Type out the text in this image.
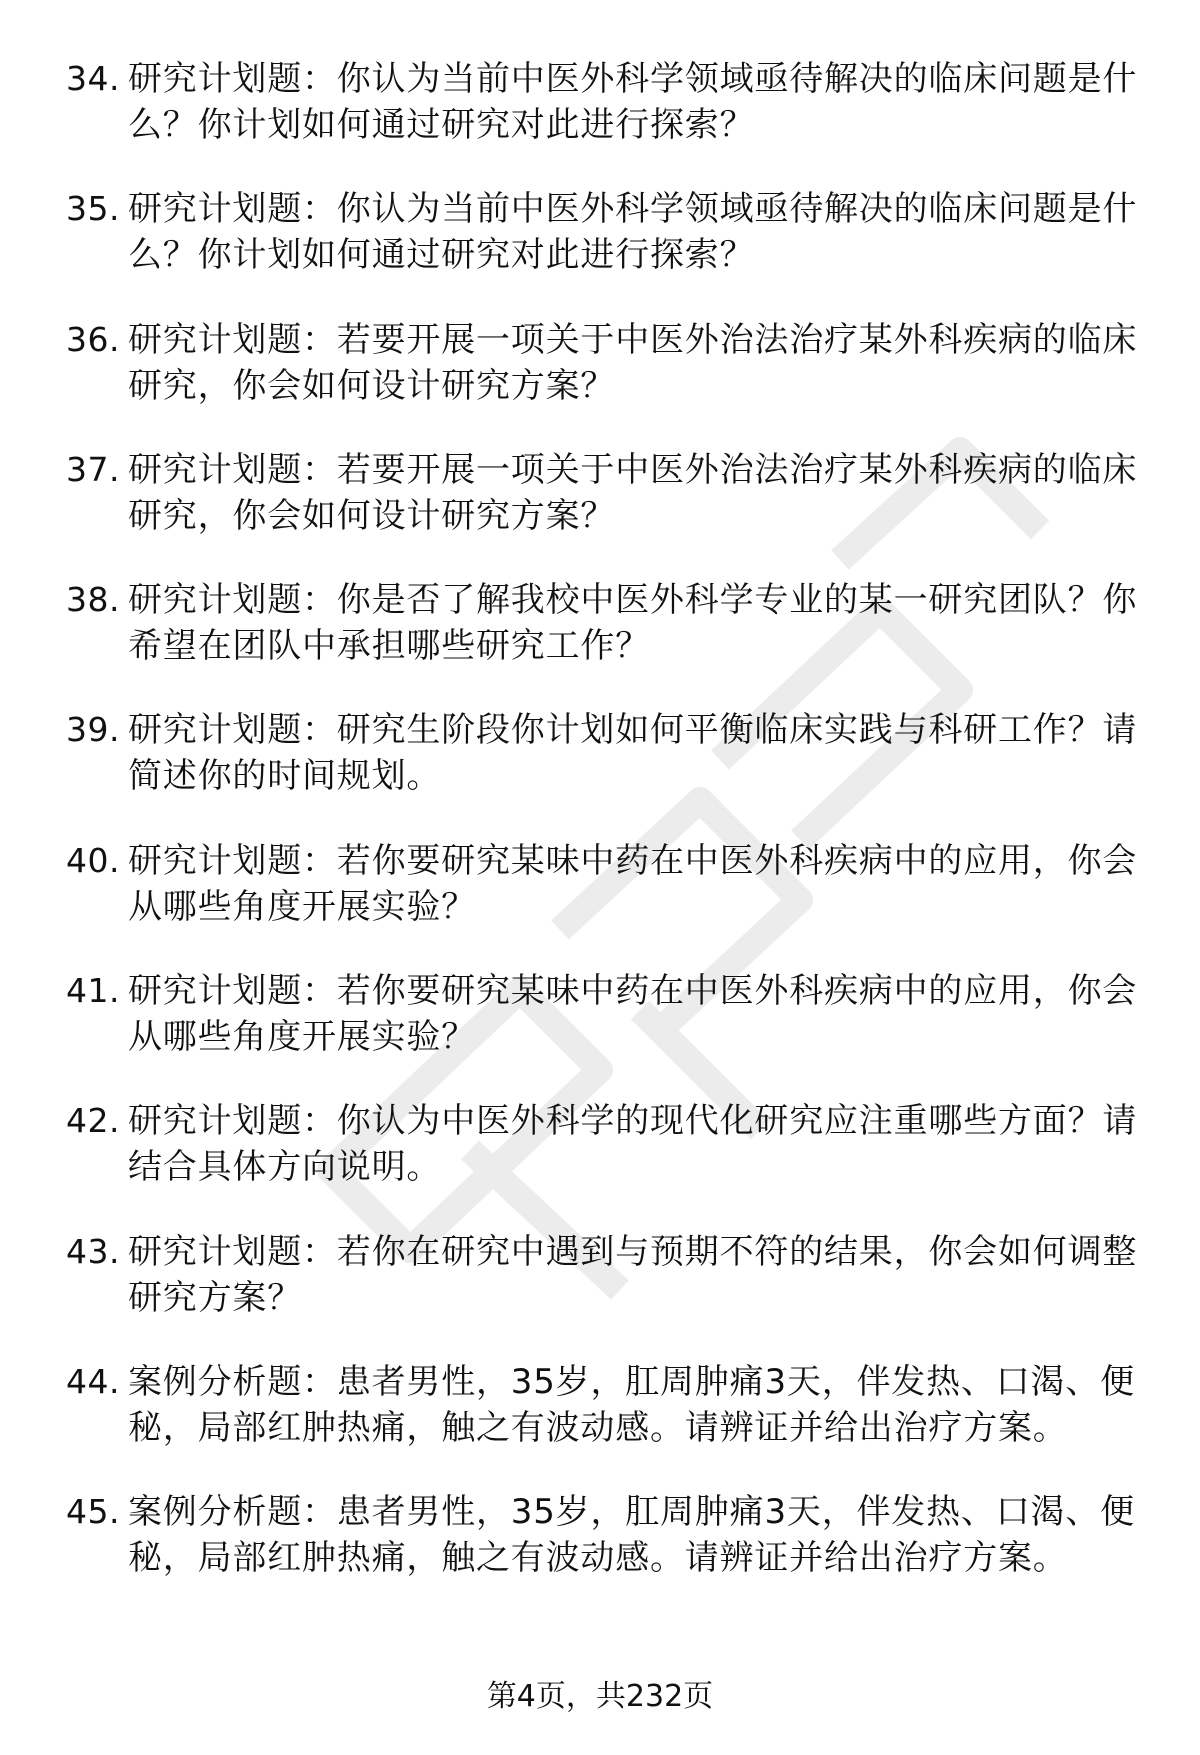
34. 研究计划题：你认为当前中医外科学领域亟待解决的临床问题是什么？你计划如何通过研究对此进行探索？
35. 研究计划题：你认为当前中医外科学领域亟待解决的临床问题是什么？你计划如何通过研究对此进行探索？
36. 研究计划题：若要开展一项关于中医外治法治疗某外科疾病的临床研究，你会如何设计研究方案？
37. 研究计划题：若要开展一项关于中医外治法治疗某外科疾病的临床研究，你会如何设计研究方案？
38. 研究计划题：你是否了解我校中医外科学专业的某一研究团队？你希望在团队中承担哪些研究工作？
39. 研究计划题：研究生阶段你计划如何平衡临床实践与科研工作？请简述你的时间规划。
40. 研究计划题：若你要研究某味中药在中医外科疾病中的应用，你会从哪些角度开展实验？
41. 研究计划题：若你要研究某味中药在中医外科疾病中的应用，你会从哪些角度开展实验？
42. 研究计划题：你认为中医外科学的现代化研究应注重哪些方面？请结合具体方向说明。
43. 研究计划题：若你在研究中遇到与预期不符的结果，你会如何调整研究方案？
44. 案例分析题：患者男性，35岁，肛周肿痛3天，伴发热、口渴、便秘，局部红肿热痛，触之有波动感。请辨证并给出治疗方案。
45. 案例分析题：患者男性，35岁，肛周肿痛3天，伴发热、口渴、便秘，局部红肿热痛，触之有波动感。请辨证并给出治疗方案。
第4页，共232页
